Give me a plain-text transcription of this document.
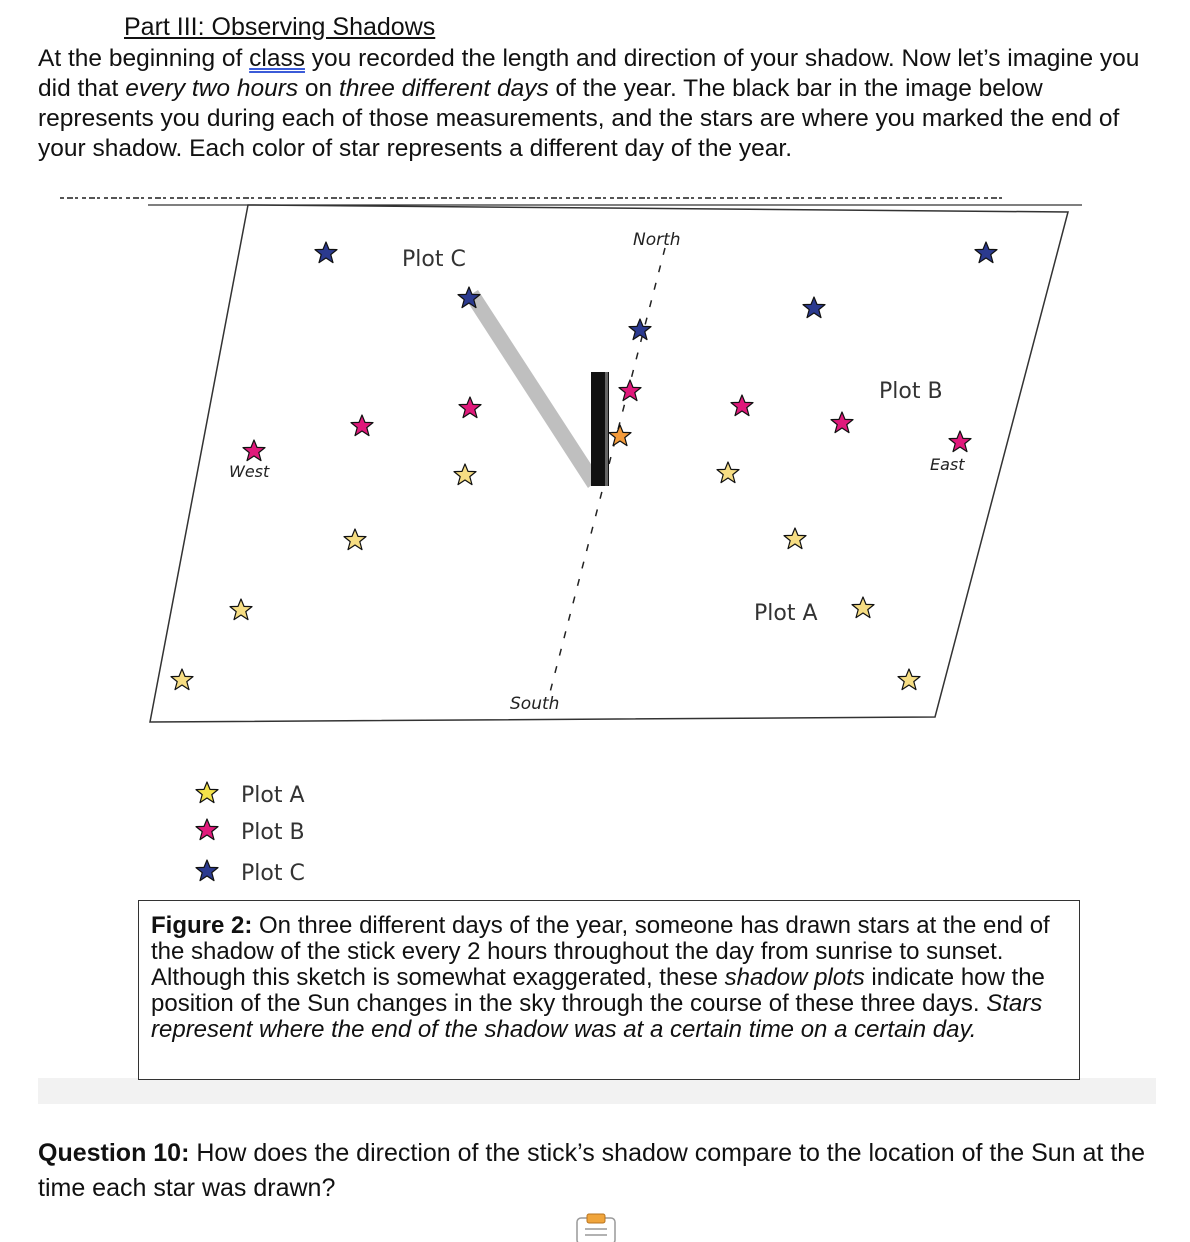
Part III: Observing Shadows
At the beginning of class you recorded the length and direction of your shadow. Now let’s imagine you did that every two hours on three different days of the year. The black bar in the image below represents you during each of those measurements, and the stars are where you marked the end of your shadow. Each color of star represents a different day of the year.
North
South
West	East
Plot C
Plot B
Plot A
Plot A
Plot B
Plot C
Figure 2: On three different days of the year, someone has drawn stars at the end of the shadow of the stick every 2 hours throughout the day from sunrise to sunset. Although this sketch is somewhat exaggerated, these shadow plots indicate how the position of the Sun changes in the sky through the course of these three days. Stars represent where the end of the shadow was at a certain time on a certain day.
Question 10: How does the direction of the stick’s shadow compare to the location of the Sun at the time each star was drawn?
